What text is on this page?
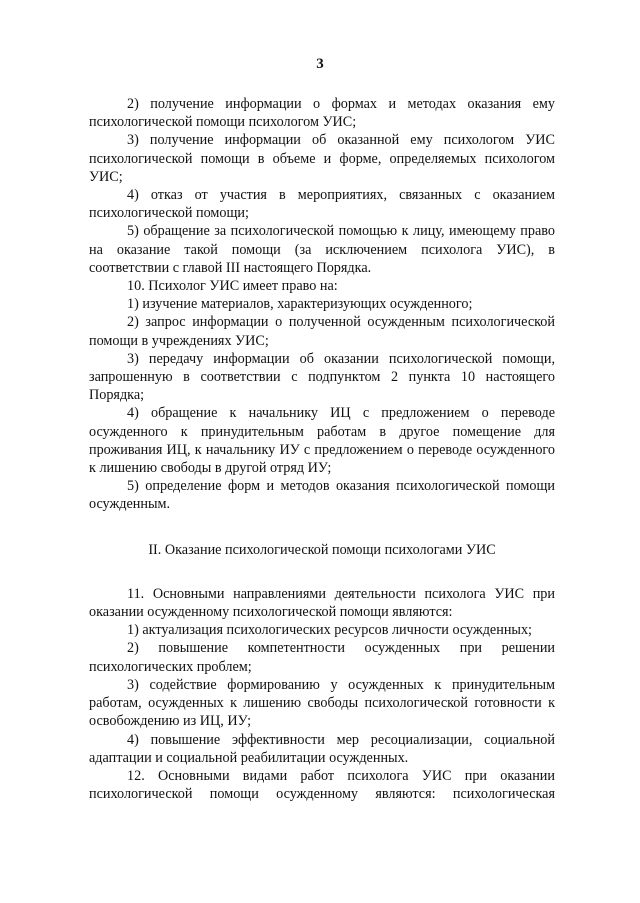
3

2) получение информации о формах и методах оказания ему психологической помощи психологом УИС;

3) получение информации об оказанной ему психологом УИС психологической помощи в объеме и форме, определяемых психологом УИС;

4) отказ от участия в мероприятиях, связанных с оказанием психологической помощи;

5) обращение за психологической помощью к лицу, имеющему право на оказание такой помощи (за исключением психолога УИС), в соответствии с главой III настоящего Порядка.

10. Психолог УИС имеет право на:

1) изучение материалов, характеризующих осужденного;

2) запрос информации о полученной осужденным психологической помощи в учреждениях УИС;

3) передачу информации об оказании психологической помощи, запрошенную в соответствии с подпунктом 2 пункта 10 настоящего Порядка;

4) обращение к начальнику ИЦ с предложением о переводе осужденного к принудительным работам в другое помещение для проживания ИЦ, к начальнику ИУ с предложением о переводе осужденного к лишению свободы в другой отряд ИУ;

5) определение форм и методов оказания психологической помощи осужденным.

II. Оказание психологической помощи психологами УИС

11. Основными направлениями деятельности психолога УИС при оказании осужденному психологической помощи являются:

1) актуализация психологических ресурсов личности осужденных;

2) повышение компетентности осужденных при решении психологических проблем;

3) содействие формированию у осужденных к принудительным работам, осужденных к лишению свободы психологической готовности к освобождению из ИЦ, ИУ;

4) повышение эффективности мер ресоциализации, социальной адаптации и социальной реабилитации осужденных.

12. Основными видами работ психолога УИС при оказании психологической помощи осужденному являются: психологическая
